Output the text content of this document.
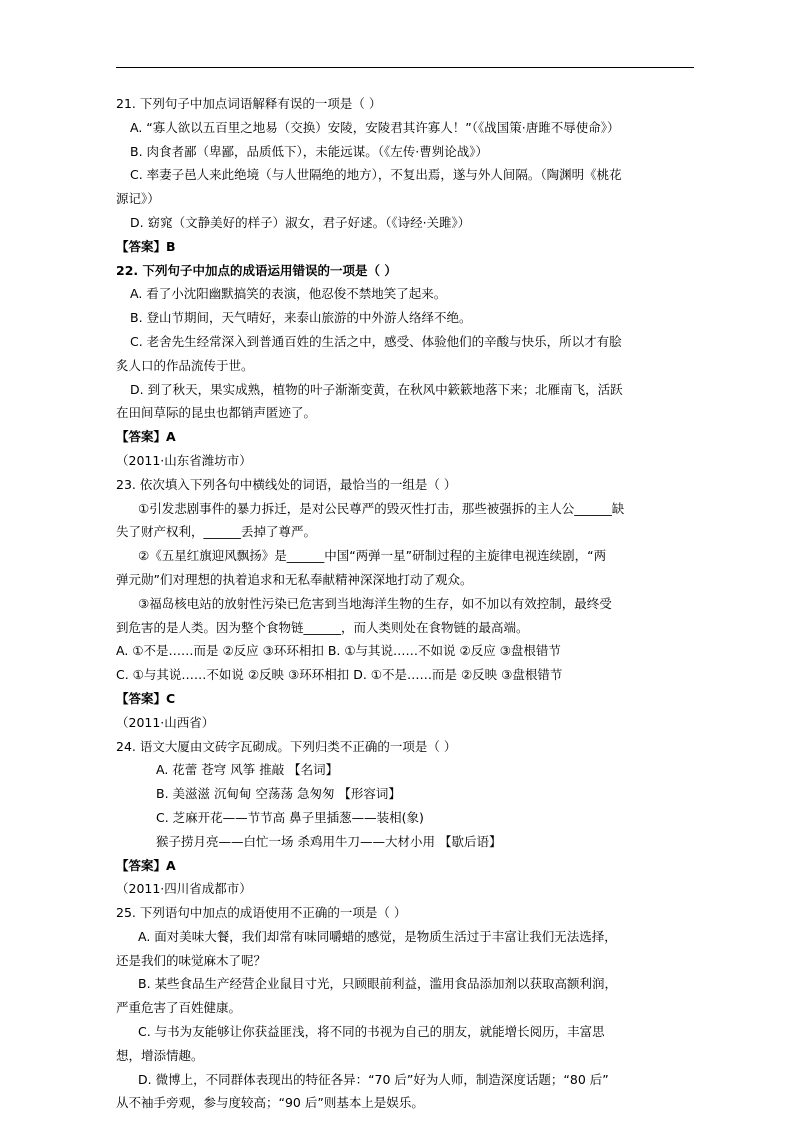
21. 下列句子中加点词语解释有误的一项是（ ）
A. “寡人欲以五百里之地易（交换）安陵，安陵君其许寡人！”（《战国策·唐雎不辱使命》）
B. 肉食者鄙（卑鄙，品质低下），未能远谋。（《左传·曹刿论战》）
C. 率妻子邑人来此绝境（与人世隔绝的地方），不复出焉，遂与外人间隔。（陶渊明《桃花
源记》）
D. 窈窕（文静美好的样子）淑女，君子好逑。（《诗经·关雎》）
【答案】B
22. 下列句子中加点的成语运用错误的一项是（ ）
A. 看了小沈阳幽默搞笑的表演，他忍俊不禁地笑了起来。
B. 登山节期间，天气晴好，来泰山旅游的中外游人络绎不绝。
C. 老舍先生经常深入到普通百姓的生活之中，感受、体验他们的辛酸与快乐，所以才有脍
炙人口的作品流传于世。
D. 到了秋天，果实成熟，植物的叶子渐渐变黄，在秋风中簌簌地落下来；北雁南飞，活跃
在田间草际的昆虫也都销声匿迹了。
【答案】A
（2011·山东省潍坊市）
23. 依次填入下列各句中横线处的词语，最恰当的一组是（ ）
①引发悲剧事件的暴力拆迁，是对公民尊严的毁灭性打击，那些被强拆的主人公______缺
失了财产权利，______丢掉了尊严。
②《五星红旗迎风飘扬》是______中国“两弹一星”研制过程的主旋律电视连续剧，“两
弹元勋”们对理想的执着追求和无私奉献精神深深地打动了观众。
③福岛核电站的放射性污染已危害到当地海洋生物的生存，如不加以有效控制，最终受
到危害的是人类。因为整个食物链______，而人类则处在食物链的最高端。
A. ①不是……而是 ②反应 ③环环相扣 B. ①与其说……不如说 ②反应 ③盘根错节
C. ①与其说……不如说 ②反映 ③环环相扣 D. ①不是……而是 ②反映 ③盘根错节
【答案】C
（2011·山西省）
24. 语文大厦由文砖字瓦砌成。下列归类不正确的一项是（ ）
A. 花蕾 苍穹 风筝 推敲 【名词】
B. 美滋滋 沉甸甸 空荡荡 急匆匆 【形容词】
C. 芝麻开花——节节高 鼻子里插葱——装相(象)
猴子捞月亮——白忙一场 杀鸡用牛刀——大材小用 【歇后语】
【答案】A
（2011·四川省成都市）
25. 下列语句中加点的成语使用不正确的一项是（ ）
A. 面对美味大餐，我们却常有味同嚼蜡的感觉，是物质生活过于丰富让我们无法选择，
还是我们的味觉麻木了呢？
B. 某些食品生产经营企业鼠目寸光，只顾眼前利益，滥用食品添加剂以获取高额利润，
严重危害了百姓健康。
C. 与书为友能够让你获益匪浅，将不同的书视为自己的朋友，就能增长阅历，丰富思
想，增添情趣。
D. 微博上，不同群体表现出的特征各异：“70 后”好为人师，制造深度话题；“80 后”
从不袖手旁观，参与度较高；“90 后”则基本上是娱乐。
